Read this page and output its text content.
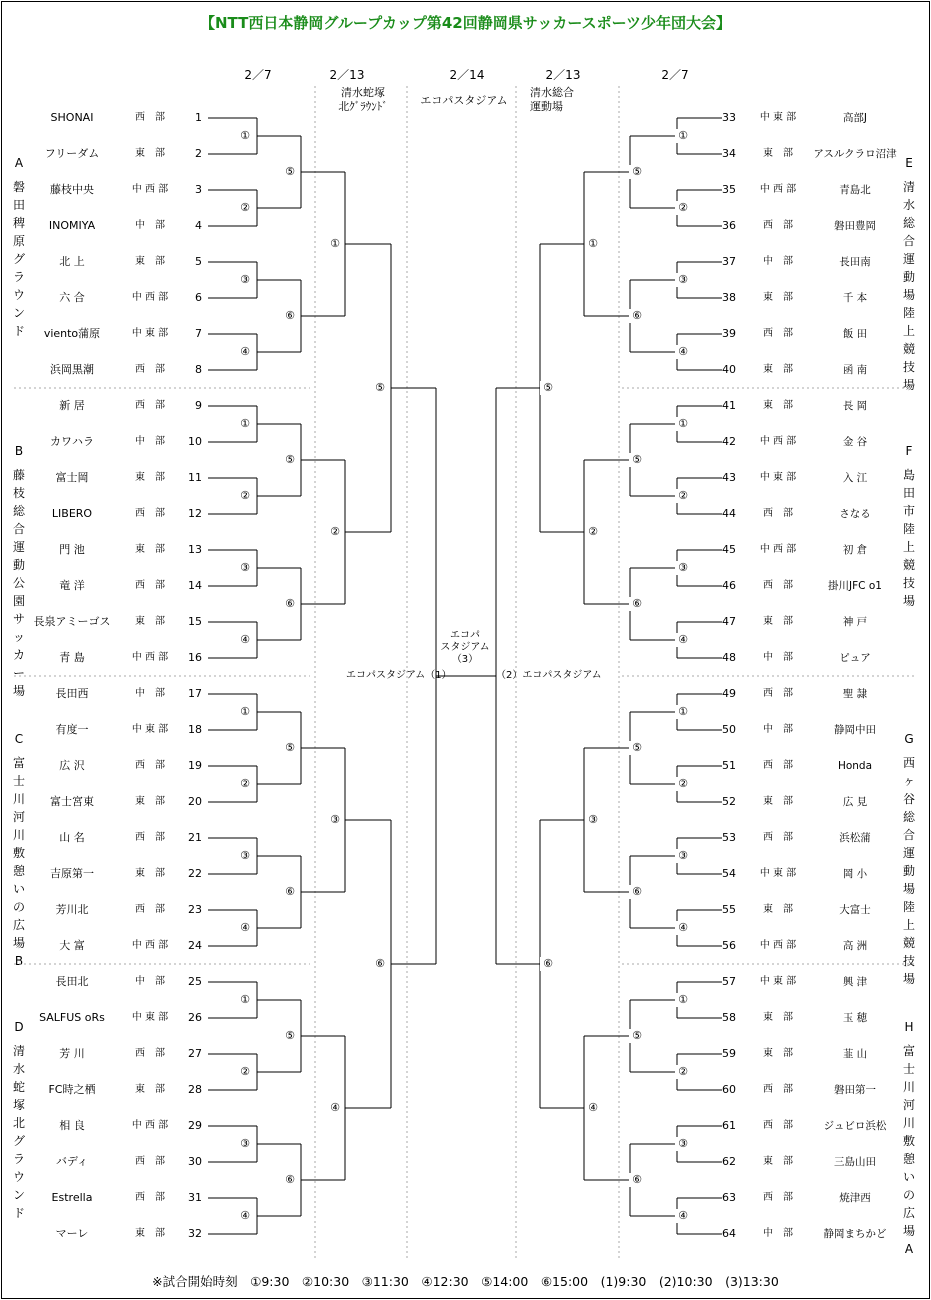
【NTT西日本静岡グループカップ第42回静岡県サッカースポーツ少年団大会】
2／7	2／13	2／14	2／13	2／7
清水蛇塚
北ｸﾞﾗｳﾝﾄﾞ	エコパスタジアム
清水総合
運動場
エコパ
スタジアム
（3）
エコパスタジアム（1）	（2）エコパスタジアム
A
磐田稗原グラウンド
B
藤枝総合運動公園サッカー場
C
富士川河川敷憩いの広場B
D
清水蛇塚北グラウンド
E
清水総合運動場陸上競技場
F
島田市陸上競技場
G
西ヶ谷総合運動場陸上競技場
H
富士川河川敷憩いの広場A
SHONAI	西　部	1
フリーダム	東　部	2
藤枝中央	中 西 部	3
INOMIYA	中　部	4
北 上	東　部	5
六 合	中 西 部	6
viento蒲原	中 東 部	7
浜岡黒潮	西　部	8
新 居	西　部	9
カワハラ	中　部	10
富士岡	東　部	11
LIBERO	西　部	12
門 池	東　部	13
竜 洋	西　部	14
長泉アミーゴス	東　部	15
青 島	中 西 部	16
長田西	中　部	17
有度一	中 東 部	18
広 沢	西　部	19
富士宮東	東　部	20
山 名	西　部	21
吉原第一	東　部	22
芳川北	西　部	23
大 富	中 西 部	24
長田北	中　部	25
SALFUS oRs	中 東 部	26
芳 川	西　部	27
FC時之栖	東　部	28
相 良	中 西 部	29
バディ	西　部	30
Estrella	西　部	31
マーレ	東　部	32
33	中 東 部	高部J
34	東　部	アスルクラロ沼津
35	中 西 部	青島北
36	西　部	磐田豊岡
37	中　部	長田南
38	東　部	千 本
39	西　部	飯 田
40	東　部	函 南
41	東　部	長 岡
42	中 西 部	金 谷
43	中 東 部	入 江
44	西　部	さなる
45	中 西 部	初 倉
46	西　部	掛川JFC o1
47	東　部	神 戸
48	中　部	ピュア
49	西　部	聖 隷
50	中　部	静岡中田
51	西　部	Honda
52	東　部	広 見
53	西　部	浜松蒲
54	中 東 部	岡 小
55	東　部	大富士
56	中 西 部	高 洲
57	中 東 部	興 津
58	東　部	玉 穂
59	東　部	韮 山
60	西　部	磐田第一
61	西　部	ジュビロ浜松
62	東　部	三島山田
63	西　部	焼津西
64	中　部	静岡まちかど
①
②
③
④
①
②
③
④
①
②
③
④
①
②
③
④
⑤
⑥
⑤
⑥
⑤
⑥
⑤
⑥
①
②
③
④
⑤
⑥
①
②
③
④
①
②
③
④
①
②
③
④
①
②
③
④
⑤
⑥
⑤
⑥
⑤
⑥
⑤
⑥
①
②
③
④
⑤
⑥
※試合開始時刻　①9:30　②10:30　③11:30　④12:30　⑤14:00　⑥15:00　(1)9:30　(2)10:30　(3)13:30
